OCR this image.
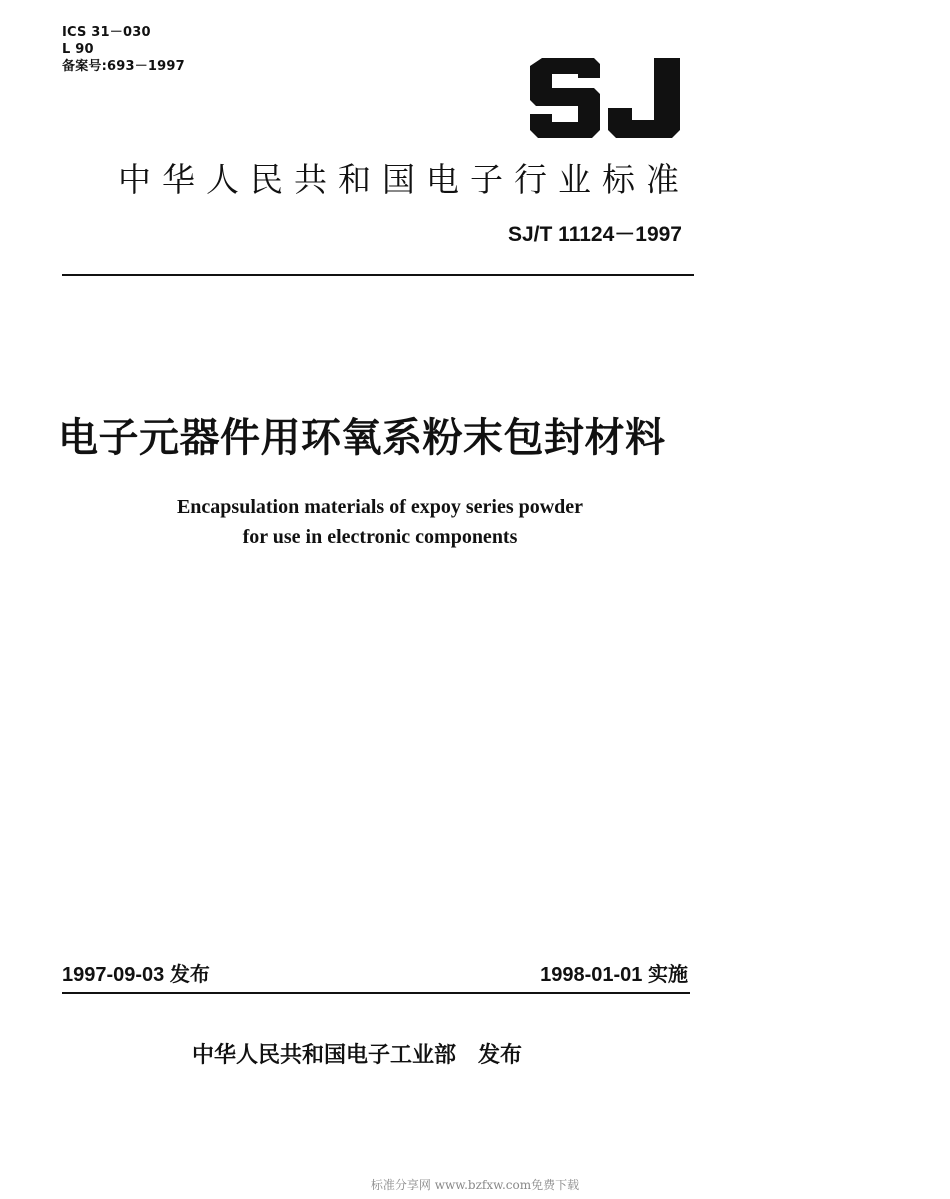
ICS 31－030
L 90
备案号:693－1997
中华人民共和国电子行业标准
SJ/T 11124－1997
电子元器件用环氧系粉末包封材料
Encapsulation materials of expoy series powder
for use in electronic components
1997-09-03 发布	1998-01-01 实施
中华人民共和国电子工业部 发布
标准分享网 www.bzfxw.com免费下载
